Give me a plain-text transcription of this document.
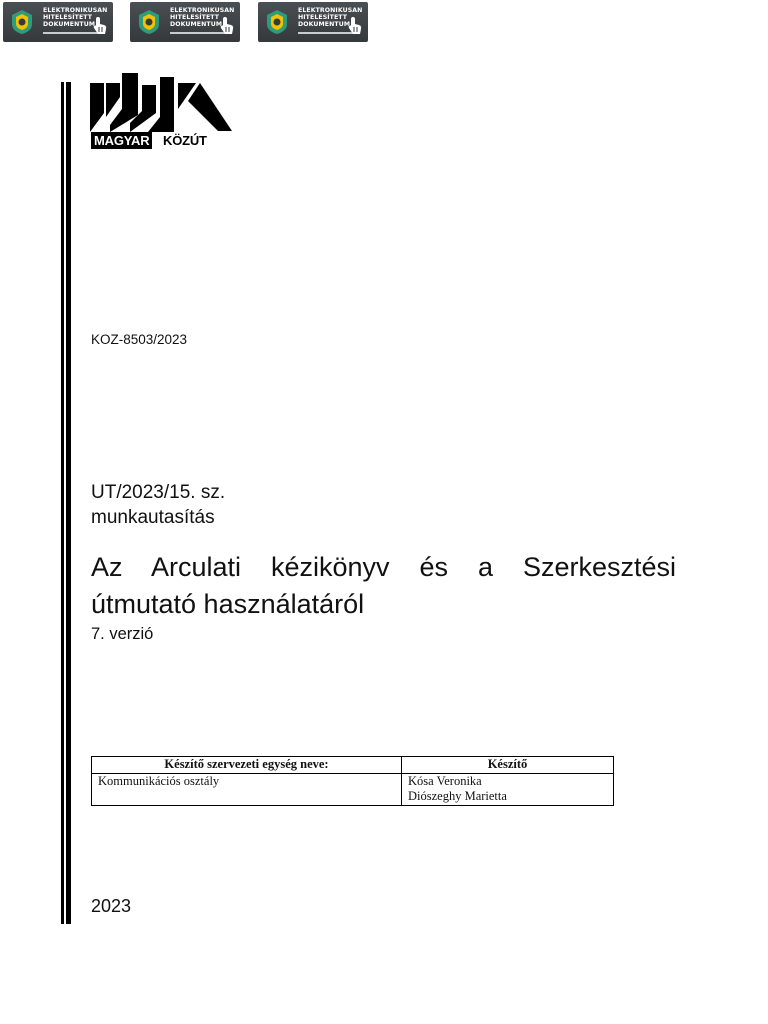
ELEKTRONIKUSAN
HITELESÍTETT
DOKUMENTUM
ELEKTRONIKUSAN
HITELESÍTETT
DOKUMENTUM
ELEKTRONIKUSAN
HITELESÍTETT
DOKUMENTUM
MAGYAR KÖZÚT
KOZ-8503/2023
UT/2023/15. sz.
munkautasítás
Az Arculati kézikönyv és a Szerkesztési útmutató használatáról
7. verzió
Készítő szervezeti egység neve:	Készítő
Kommunikációs osztály	Kósa Veronika
Diószeghy Marietta
2023
